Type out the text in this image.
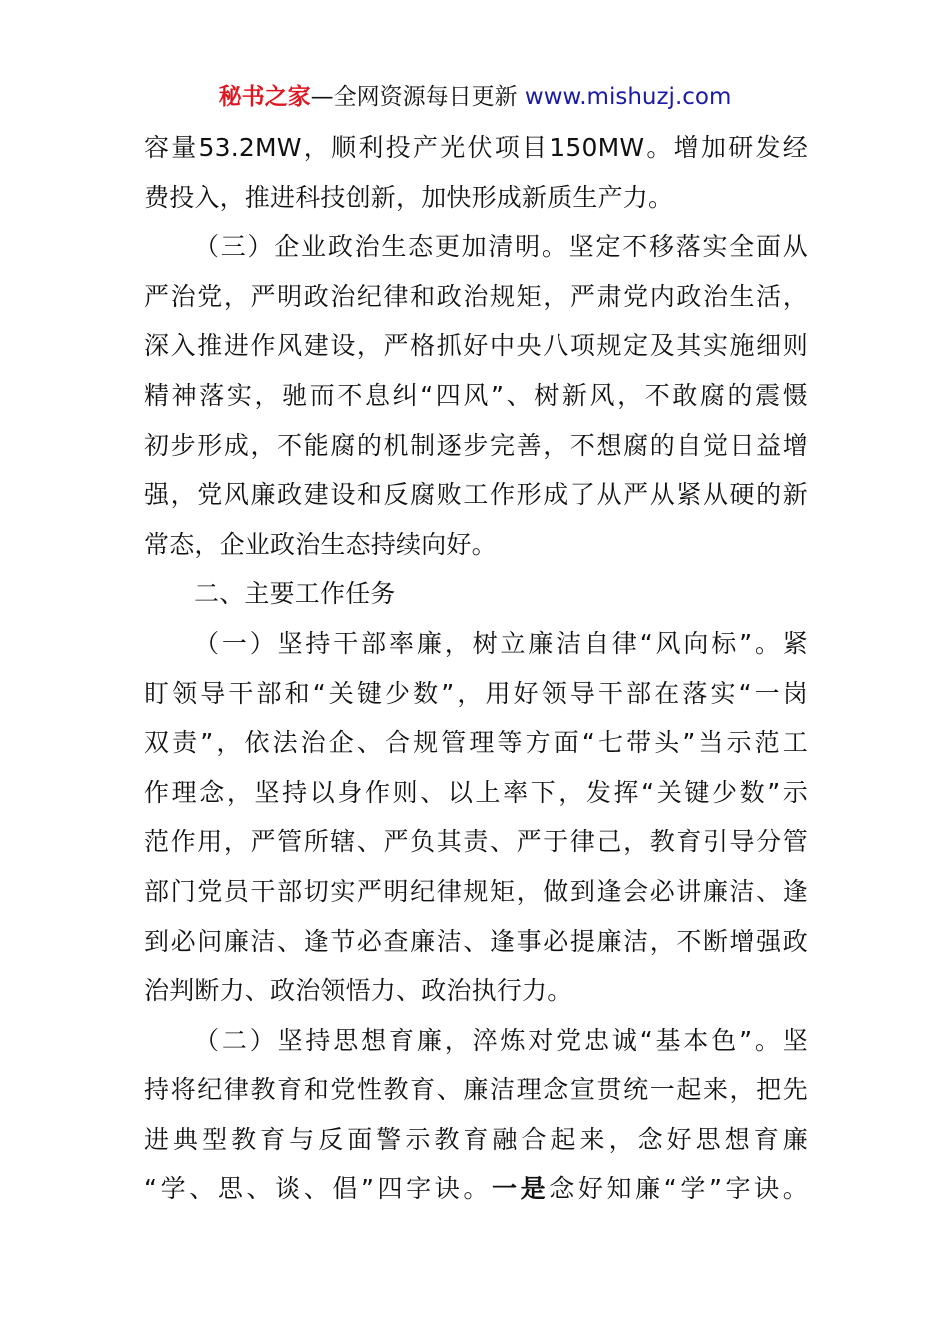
秘书之家—全网资源每日更新 www.mishuzj.com
容量53.2MW，顺利投产光伏项目150MW。增加研发经
费投入，推进科技创新，加快形成新质生产力。
（三）企业政治生态更加清明。坚定不移落实全面从
严治党，严明政治纪律和政治规矩，严肃党内政治生活，
深入推进作风建设，严格抓好中央八项规定及其实施细则
精神落实，驰而不息纠“四风”、树新风，不敢腐的震慑
初步形成，不能腐的机制逐步完善，不想腐的自觉日益增
强，党风廉政建设和反腐败工作形成了从严从紧从硬的新
常态，企业政治生态持续向好。
二、主要工作任务
（一）坚持干部率廉，树立廉洁自律“风向标”。紧
盯领导干部和“关键少数”，用好领导干部在落实“一岗
双责”，依法治企、合规管理等方面“七带头”当示范工
作理念，坚持以身作则、以上率下，发挥“关键少数”示
范作用，严管所辖、严负其责、严于律己，教育引导分管
部门党员干部切实严明纪律规矩，做到逢会必讲廉洁、逢
到必问廉洁、逢节必查廉洁、逢事必提廉洁，不断增强政
治判断力、政治领悟力、政治执行力。
（二）坚持思想育廉，淬炼对党忠诚“基本色”。坚
持将纪律教育和党性教育、廉洁理念宣贯统一起来，把先
进典型教育与反面警示教育融合起来，念好思想育廉
“学、思、谈、倡”四字诀。一是念好知廉“学”字诀。
